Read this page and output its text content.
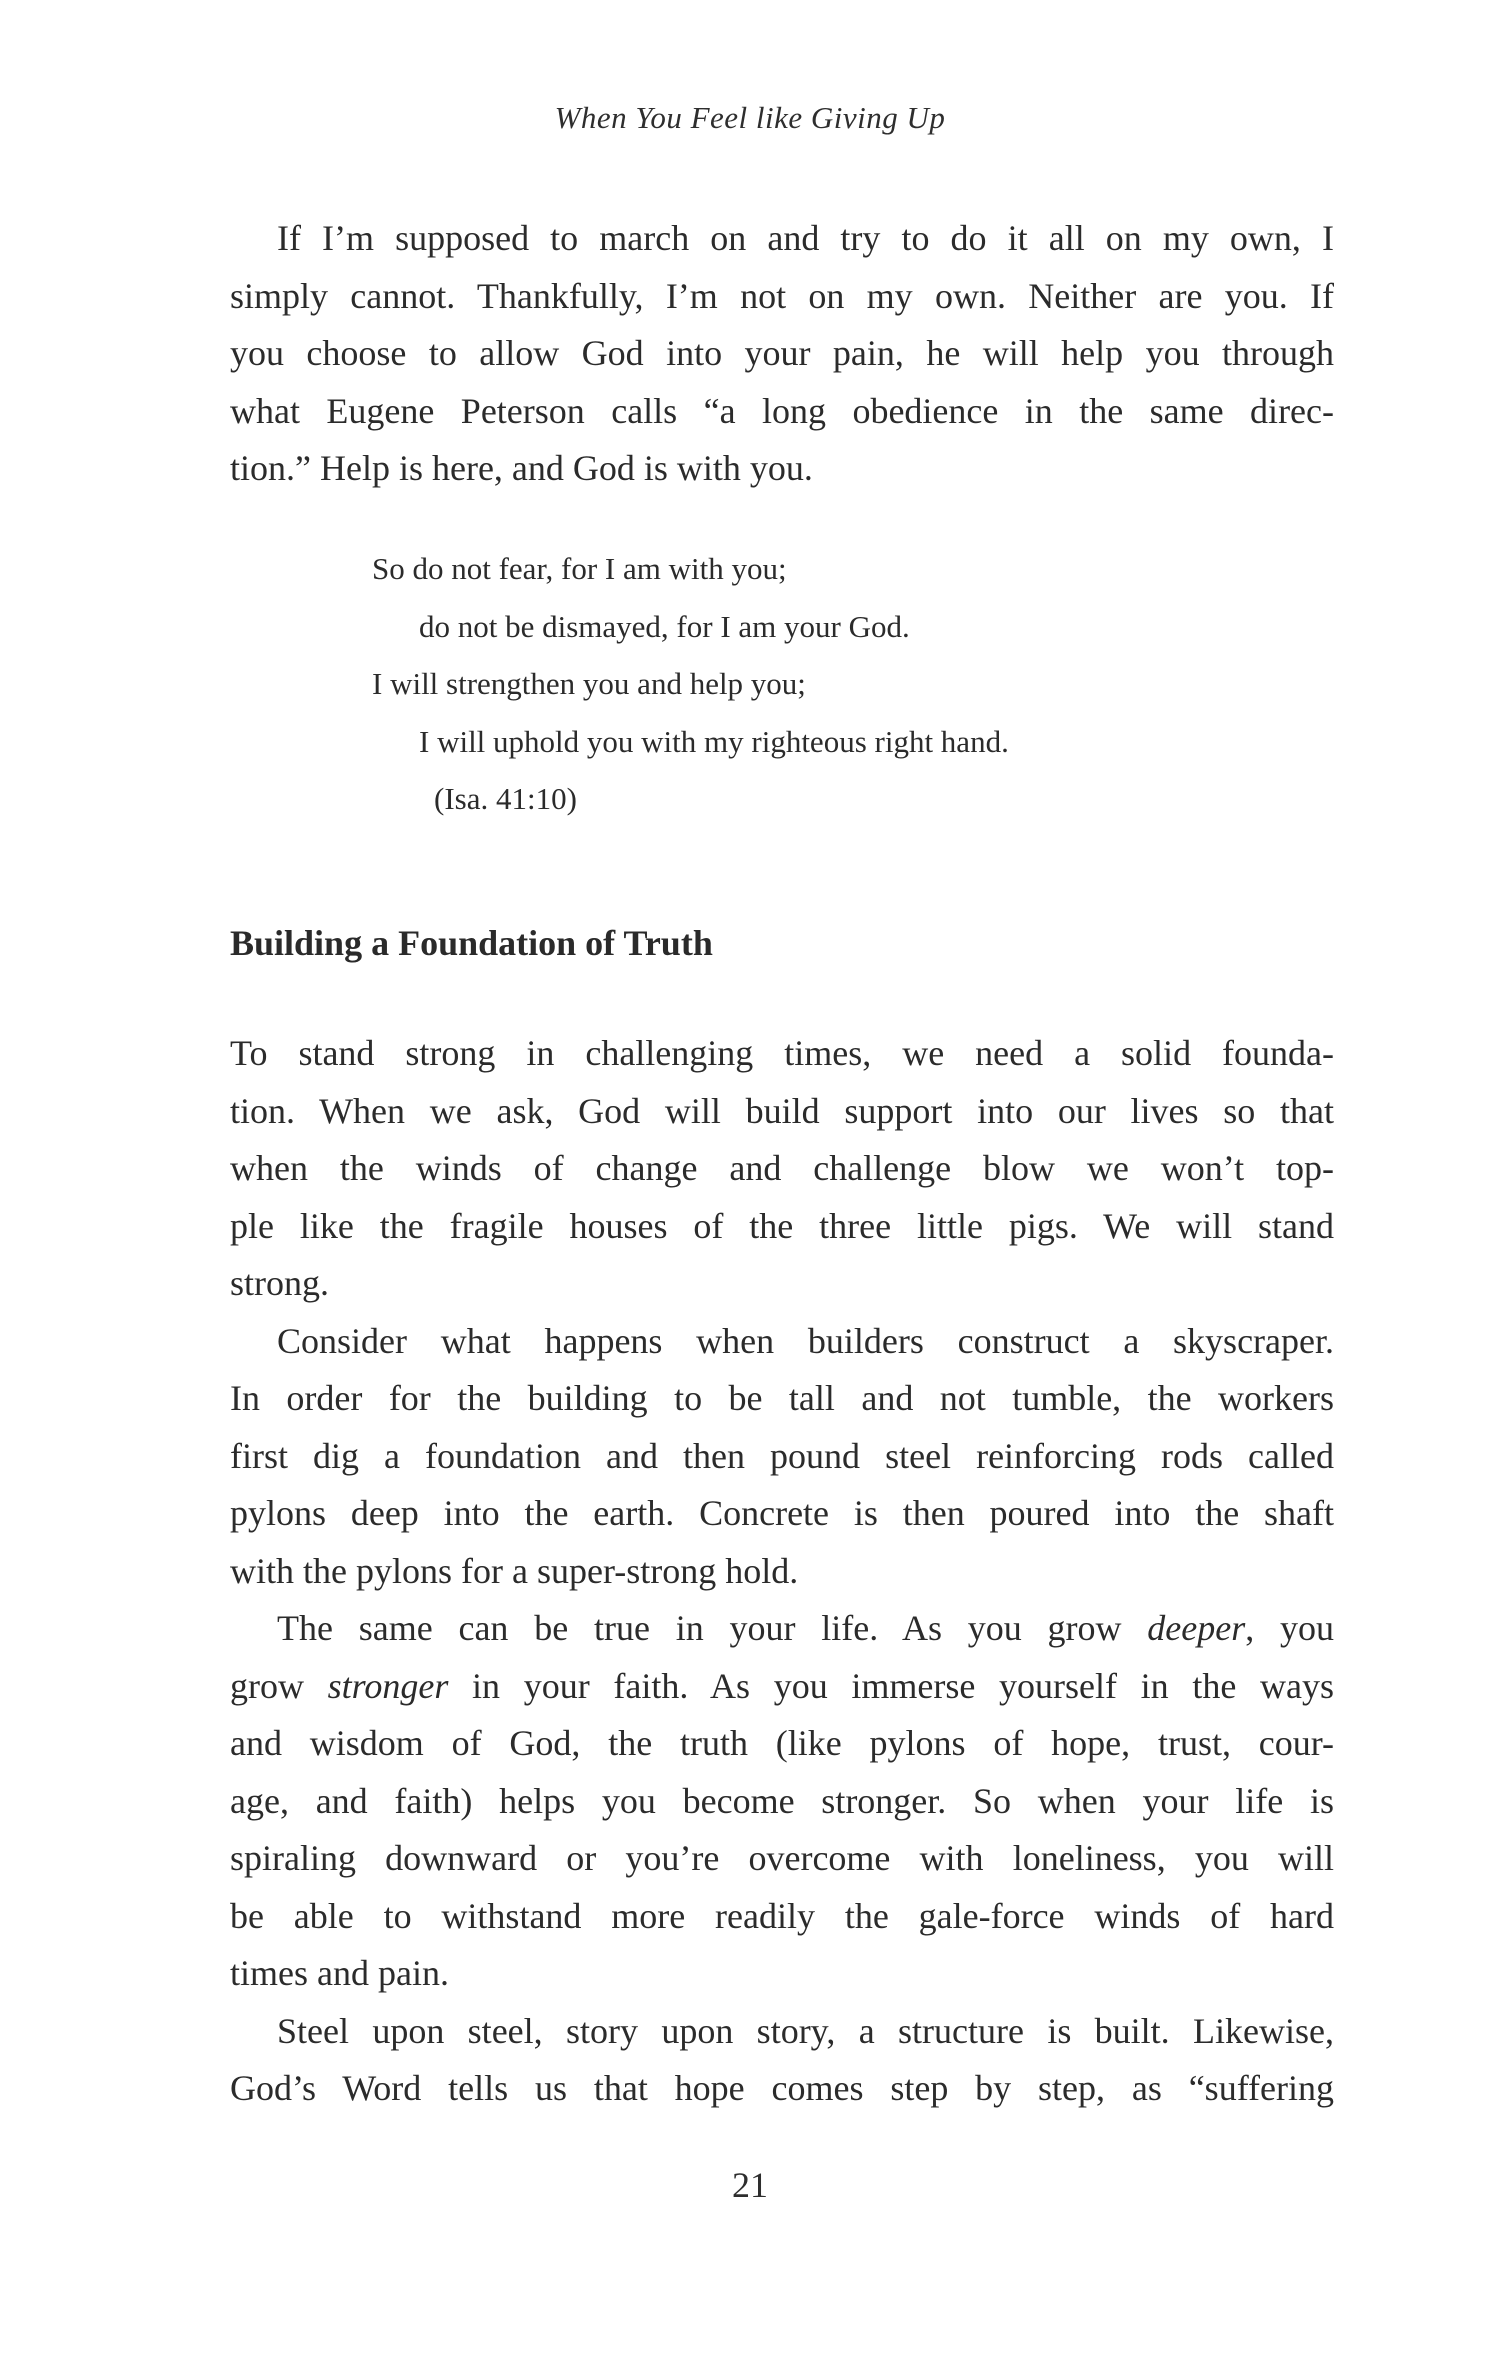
When You Feel like Giving Up
If I’m supposed to march on and try to do it all on my own, I
simply cannot. Thankfully, I’m not on my own. Neither are you. If
you choose to allow God into your pain, he will help you through
what Eugene Peterson calls “a long obedience in the same direc-
tion.” Help is here, and God is with you.
So do not fear, for I am with you;
do not be dismayed, for I am your God.
I will strengthen you and help you;
I will uphold you with my righteous right hand.
(Isa. 41:10)
Building a Foundation of Truth
To stand strong in challenging times, we need a solid founda-
tion. When we ask, God will build support into our lives so that
when the winds of change and challenge blow we won’t top-
ple like the fragile houses of the three little pigs. We will stand
strong.
Consider what happens when builders construct a skyscraper.
In order for the building to be tall and not tumble, the workers
first dig a foundation and then pound steel reinforcing rods called
pylons deep into the earth. Concrete is then poured into the shaft
with the pylons for a super-strong hold.
The same can be true in your life. As you grow deeper, you
grow stronger in your faith. As you immerse yourself in the ways
and wisdom of God, the truth (like pylons of hope, trust, cour-
age, and faith) helps you become stronger. So when your life is
spiraling downward or you’re overcome with loneliness, you will
be able to withstand more readily the gale-force winds of hard
times and pain.
Steel upon steel, story upon story, a structure is built. Likewise,
God’s Word tells us that hope comes step by step, as “suffering
21
